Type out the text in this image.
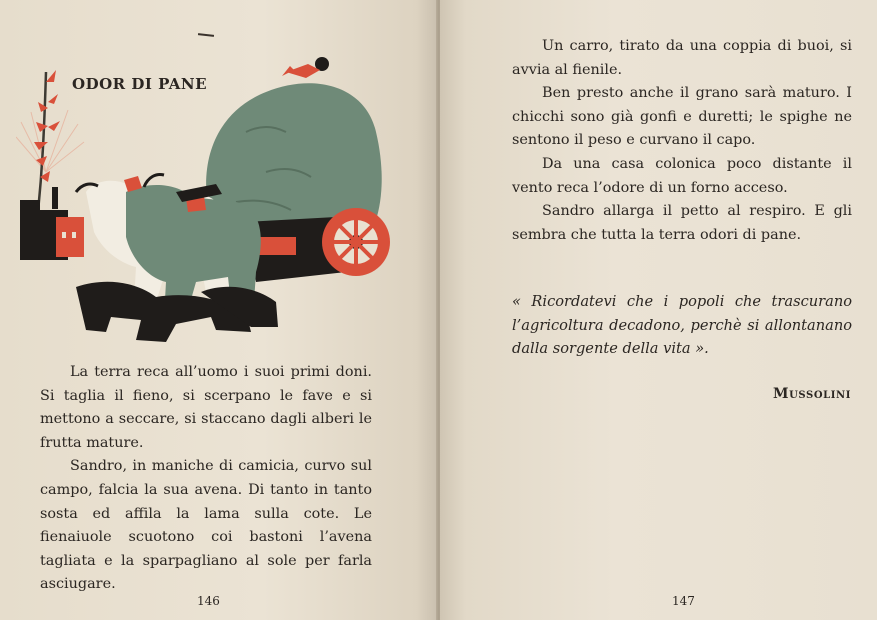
ODOR DI PANE

La terra reca all’uomo i suoi primi doni. Si taglia il fieno, si scerpano le fave e si mettono a seccare, si staccano dagli alberi le frutta mature.

Sandro, in maniche di camicia, curvo sul campo, falcia la sua avena. Di tanto in tanto sosta ed affila la lama sulla cote. Le fienaiuole scuotono coi bastoni l’avena tagliata e la sparpagliano al sole per farla asciugare.

146	147

Un carro, tirato da una coppia di buoi, si avvia al fienile.

Ben presto anche il grano sarà maturo. I chicchi sono già gonfi e duretti; le spighe ne sentono il peso e curvano il capo.

Da una casa colonica poco distante il vento reca l’odore di un forno acceso.

Sandro allarga il petto al respiro. E gli sembra che tutta la terra odori di pane.

« Ricordatevi che i popoli che trascurano l’agricoltura decadono, perchè si allontanano dalla sorgente della vita ».

Mussolini
